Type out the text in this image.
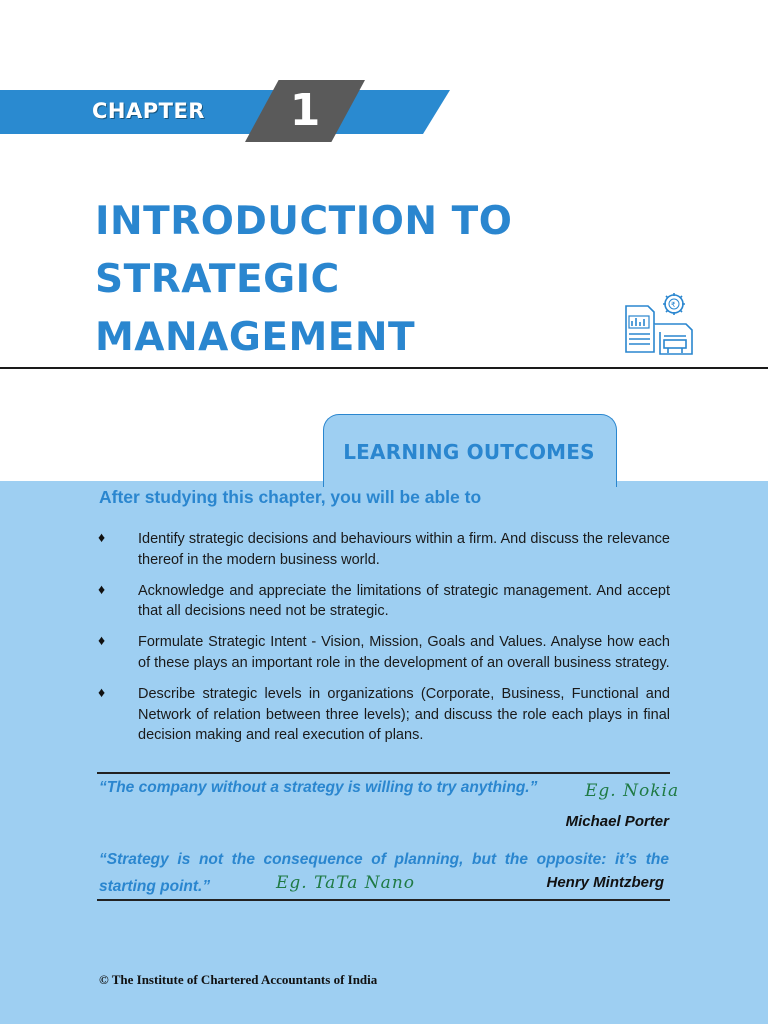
CHAPTER	1
INTRODUCTION TO
STRATEGIC
MANAGEMENT
₹
LEARNING OUTCOMES
After studying this chapter, you will be able to
♦ Identify strategic decisions and behaviours within a firm. And discuss the relevance thereof in the modern business world.
♦ Acknowledge and appreciate the limitations of strategic management. And accept that all decisions need not be strategic.
♦ Formulate Strategic Intent - Vision, Mission, Goals and Values. Analyse how each of these plays an important role in the development of an overall business strategy.
♦ Describe strategic levels in organizations (Corporate, Business, Functional and Network of relation between three levels); and discuss the role each plays in final decision making and real execution of plans.
“The company without a strategy is willing to try anything.”	Eg. Nokia
Michael Porter
“Strategy is not the consequence of planning, but the opposite: it’s the starting point.”	Eg. TaTa Nano	Henry Mintzberg
© The Institute of Chartered Accountants of India
